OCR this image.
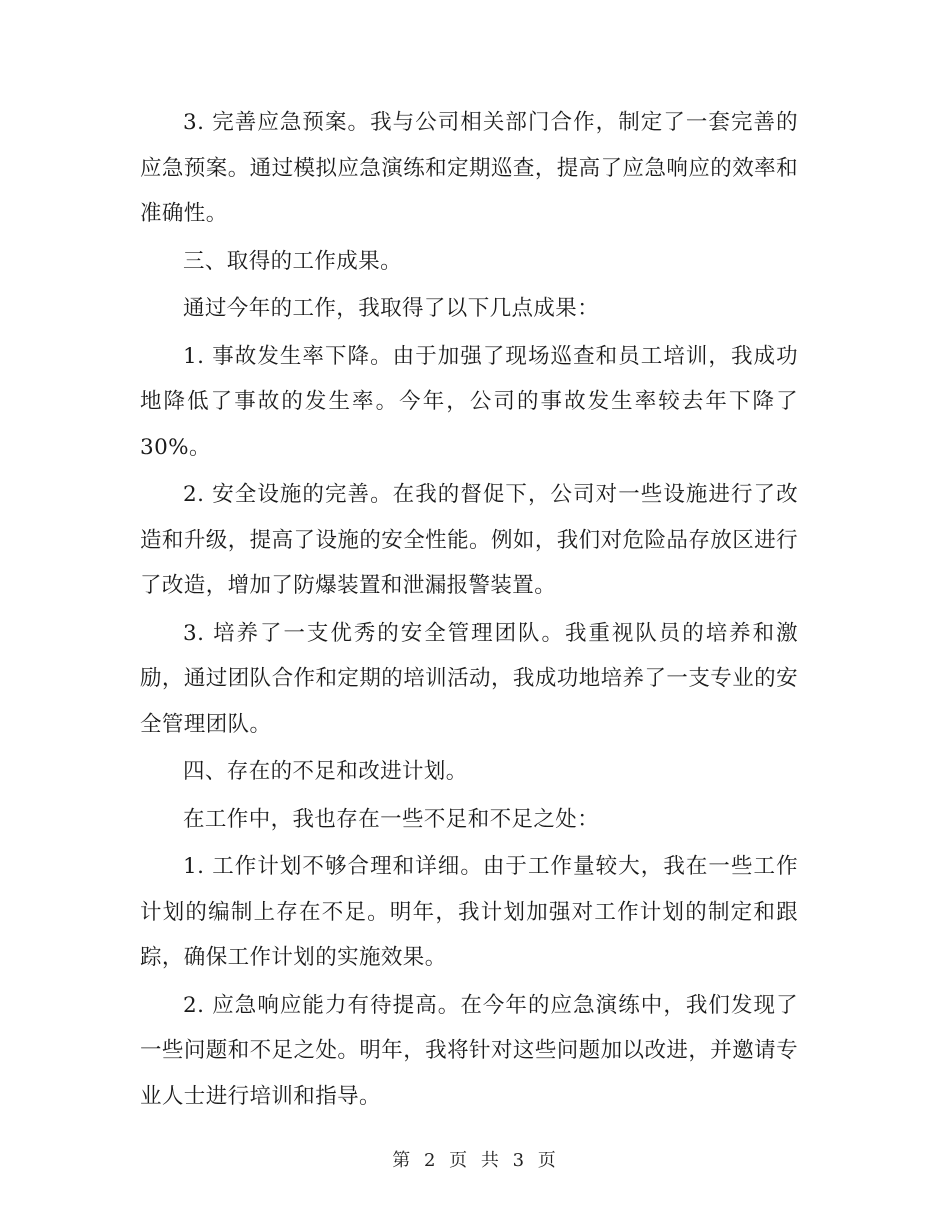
3. 完善应急预案。我与公司相关部门合作，制定了一套完善的应急预案。通过模拟应急演练和定期巡查，提高了应急响应的效率和准确性。

三、取得的工作成果。

通过今年的工作，我取得了以下几点成果：

1. 事故发生率下降。由于加强了现场巡查和员工培训，我成功地降低了事故的发生率。今年，公司的事故发生率较去年下降了 30%。

2. 安全设施的完善。在我的督促下，公司对一些设施进行了改造和升级，提高了设施的安全性能。例如，我们对危险品存放区进行了改造，增加了防爆装置和泄漏报警装置。

3. 培养了一支优秀的安全管理团队。我重视队员的培养和激励，通过团队合作和定期的培训活动，我成功地培养了一支专业的安全管理团队。

四、存在的不足和改进计划。

在工作中，我也存在一些不足和不足之处：

1. 工作计划不够合理和详细。由于工作量较大，我在一些工作计划的编制上存在不足。明年，我计划加强对工作计划的制定和跟踪，确保工作计划的实施效果。

2. 应急响应能力有待提高。在今年的应急演练中，我们发现了一些问题和不足之处。明年，我将针对这些问题加以改进，并邀请专业人士进行培训和指导。

第 2 页 共 3 页
